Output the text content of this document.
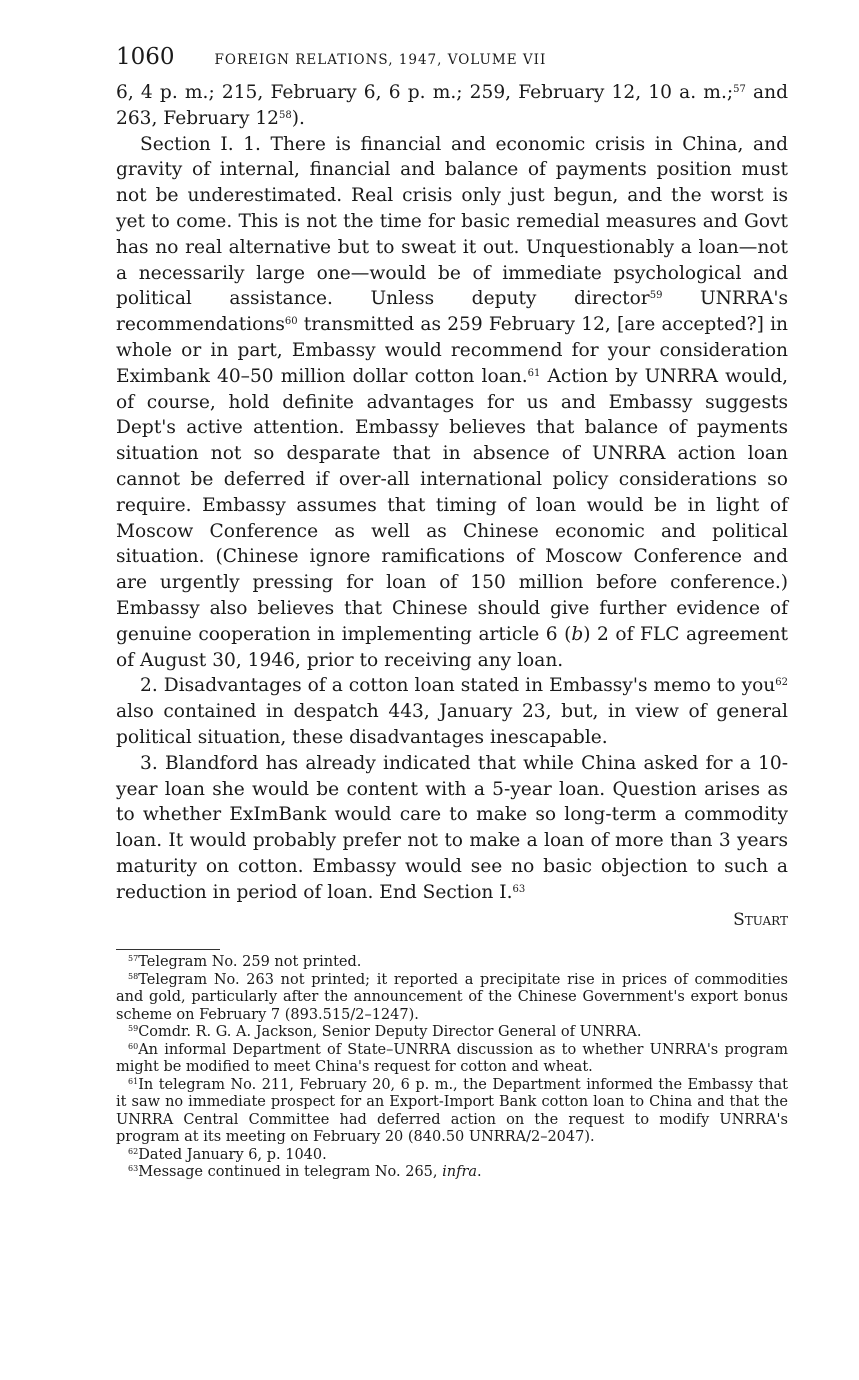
1060	FOREIGN RELATIONS, 1947, VOLUME VII

6, 4 p. m.; 215, February 6, 6 p. m.; 259, February 12, 10 a. m.;$^{57}$ and 263, February $12^{58}$).

Section I. 1. There is financial and economic crisis in China, and gravity of internal, financial and balance of payments position must not be underestimated. Real crisis only just begun, and the worst is yet to come. This is not the time for basic remedial measures and Govt has no real alternative but to sweat it out. Unquestionably a loan—not a necessarily large one—would be of immediate psychological and political assistance. Unless deputy director$^{59}$ UNRRA's recommendations$^{60}$ transmitted as 259 February 12, [are accepted?] in whole or in part, Embassy would recommend for your consideration Eximbank 40–50 million dollar cotton loan.$^{61}$ Action by UNRRA would, of course, hold definite advantages for us and Embassy suggests Dept's active attention. Embassy believes that balance of payments situation not so desparate that in absence of UNRRA action loan cannot be deferred if over-all international policy considerations so require. Embassy assumes that timing of loan would be in light of Moscow Conference as well as Chinese economic and political situation. (Chinese ignore ramifications of Moscow Conference and are urgently pressing for loan of 150 million before conference.) Embassy also believes that Chinese should give further evidence of genuine cooperation in implementing article 6 (b) 2 of FLC agreement of August 30, 1946, prior to receiving any loan.

2. Disadvantages of a cotton loan stated in Embassy's memo to you$^{62}$ also contained in despatch 443, January 23, but, in view of general political situation, these disadvantages inescapable.

3. Blandford has already indicated that while China asked for a 10-year loan she would be content with a 5-year loan. Question arises as to whether ExImBank would care to make so long-term a commodity loan. It would probably prefer not to make a loan of more than 3 years maturity on cotton. Embassy would see no basic objection to such a reduction in period of loan. End Section I.$^{63}$

Stuart

$^{57}$Telegram No. 259 not printed.

$^{58}$Telegram No. 263 not printed; it reported a precipitate rise in prices of commodities and gold, particularly after the announcement of the Chinese Government's export bonus scheme on February 7 (893.515/2–1247).

$^{59}$Comdr. R. G. A. Jackson, Senior Deputy Director General of UNRRA.

$^{60}$An informal Department of State–UNRRA discussion as to whether UNRRA's program might be modified to meet China's request for cotton and wheat.

$^{61}$In telegram No. 211, February 20, 6 p. m., the Department informed the Embassy that it saw no immediate prospect for an Export-Import Bank cotton loan to China and that the UNRRA Central Committee had deferred action on the request to modify UNRRA's program at its meeting on February 20 (840.50 UNRRA/2–2047).

$^{62}$Dated January 6, p. 1040.

$^{63}$Message continued in telegram No. 265, infra.
